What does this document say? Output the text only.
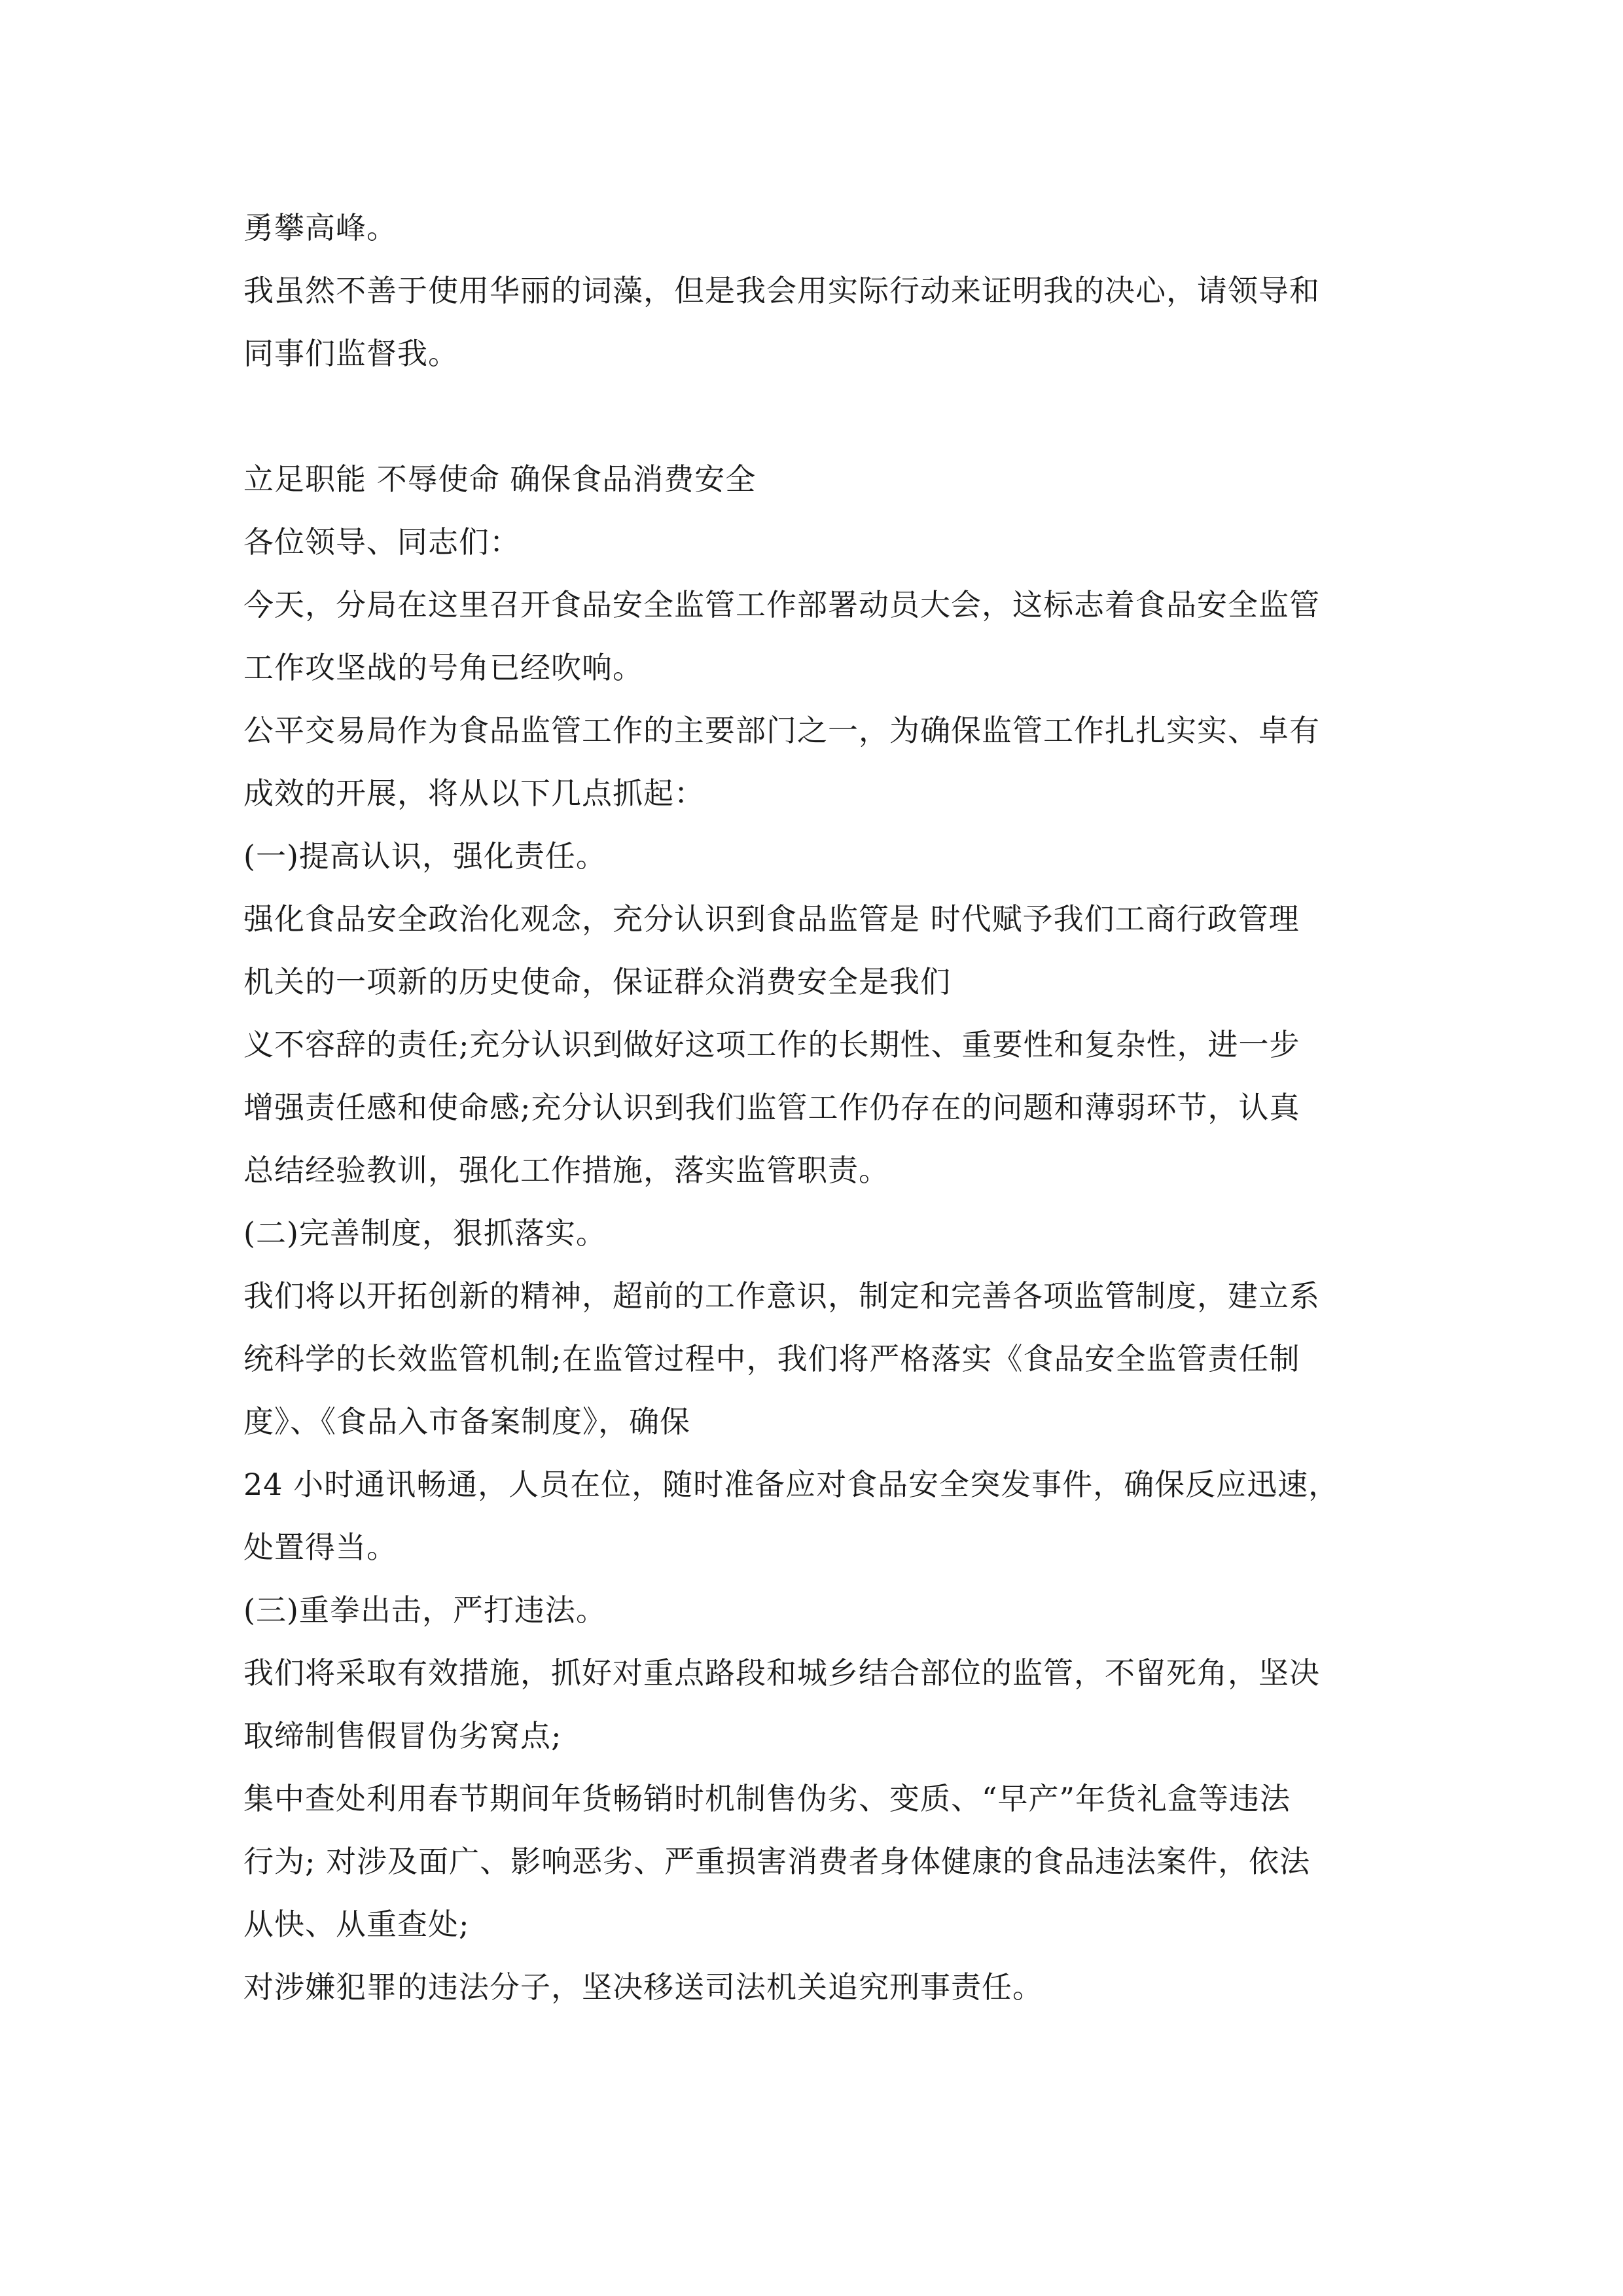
勇攀高峰。
我虽然不善于使用华丽的词藻，但是我会用实际行动来证明我的决心，请领导和
同事们监督我。
立足职能 不辱使命 确保食品消费安全
各位领导、同志们：
今天，分局在这里召开食品安全监管工作部署动员大会，这标志着食品安全监管
工作攻坚战的号角已经吹响。
公平交易局作为食品监管工作的主要部门之一，为确保监管工作扎扎实实、卓有
成效的开展，将从以下几点抓起：
(一)提高认识，强化责任。
强化食品安全政治化观念，充分认识到食品监管是 时代赋予我们工商行政管理
机关的一项新的历史使命，保证群众消费安全是我们
义不容辞的责任;充分认识到做好这项工作的长期性、重要性和复杂性，进一步
增强责任感和使命感;充分认识到我们监管工作仍存在的问题和薄弱环节，认真
总结经验教训，强化工作措施，落实监管职责。
(二)完善制度，狠抓落实。
我们将以开拓创新的精神，超前的工作意识，制定和完善各项监管制度，建立系
统科学的长效监管机制;在监管过程中，我们将严格落实《食品安全监管责任制
度》、《食品入市备案制度》，确保
24 小时通讯畅通，人员在位，随时准备应对食品安全突发事件，确保反应迅速，
处置得当。
(三)重拳出击，严打违法。
我们将采取有效措施，抓好对重点路段和城乡结合部位的监管，不留死角，坚决
取缔制售假冒伪劣窝点;
集中查处利用春节期间年货畅销时机制售伪劣、变质、“早产”年货礼盒等违法
行为; 对涉及面广、影响恶劣、严重损害消费者身体健康的食品违法案件，依法
从快、从重查处;
对涉嫌犯罪的违法分子，坚决移送司法机关追究刑事责任。
